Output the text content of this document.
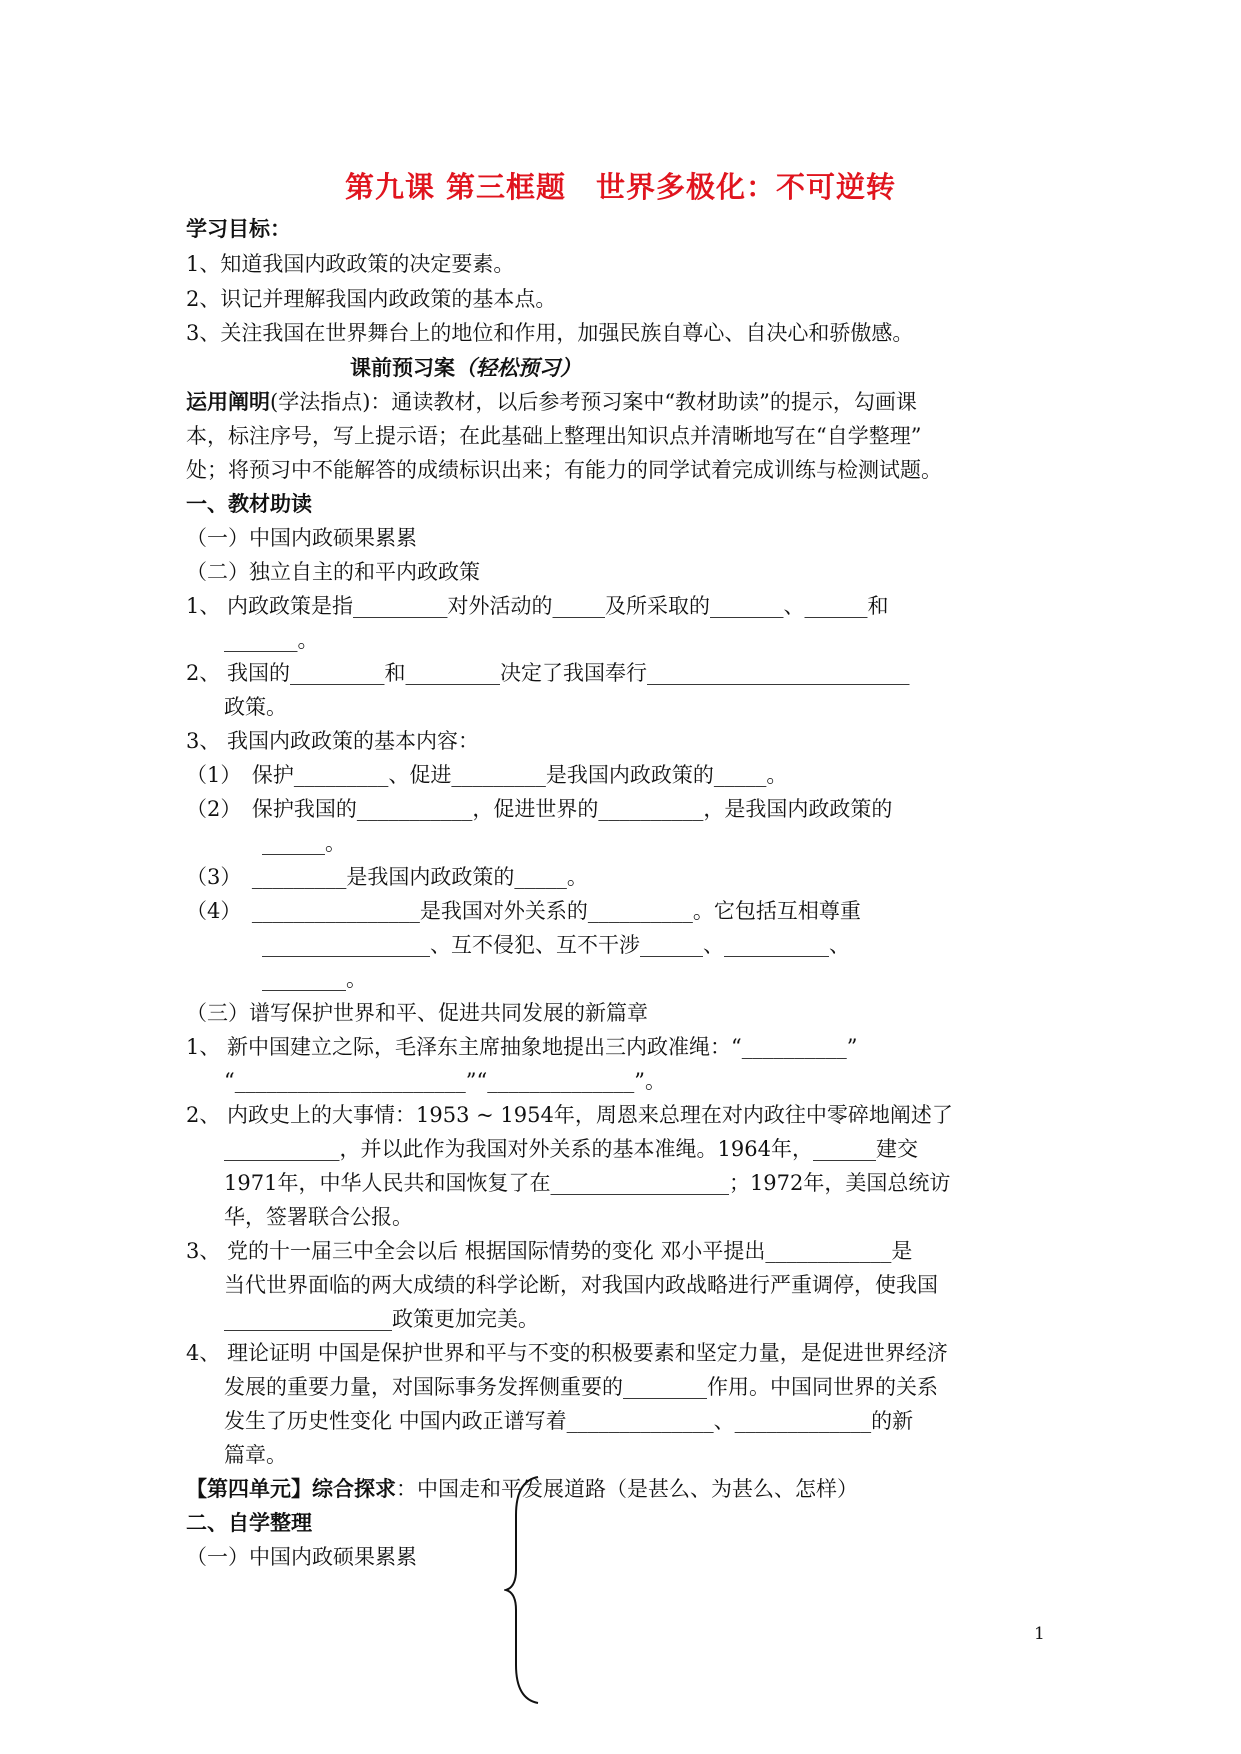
第九课 第三框题　世界多极化：不可逆转
学习目标：
1、知道我国内政政策的决定要素。
2、识记并理解我国内政政策的基本点。
3、关注我国在世界舞台上的地位和作用，加强民族自尊心、自决心和骄傲感。
课前预习案（轻松预习）
运用阐明(学法指点)：通读教材，以后参考预习案中“教材助读”的提示，勾画课
本，标注序号，写上提示语；在此基础上整理出知识点并清晰地写在“自学整理”
处；将预习中不能解答的成绩标识出来；有能力的同学试着完成训练与检测试题。
一、教材助读
（一）中国内政硕果累累
（二）独立自主的和平内政政策
1、 内政政策是指_________对外活动的_____及所采取的_______、______和
_______。
2、 我国的_________和_________决定了我国奉行_________________________
政策。
3、 我国内政政策的基本内容：
（1）　保护_________、促进_________是我国内政政策的_____。
（2）　保护我国的___________，促进世界的__________，是我国内政政策的
______。
（3）　_________是我国内政政策的_____。
（4）　________________是我国对外关系的__________。它包括互相尊重
________________、互不侵犯、互不干涉______、__________、
________。
（三）谱写保护世界和平、促进共同发展的新篇章
1、 新中国建立之际，毛泽东主席抽象地提出三内政准绳：“__________”
“______________________”“______________”。
2、 内政史上的大事情：1953 ~ 1954年，周恩来总理在对内政往中零碎地阐述了
___________，并以此作为我国对外关系的基本准绳。1964年，______建交
1971年，中华人民共和国恢复了在_________________；1972年，美国总统访
华，签署联合公报。
3、 党的十一届三中全会以后 根据国际情势的变化 邓小平提出____________是
当代世界面临的两大成绩的科学论断，对我国内政战略进行严重调停，使我国
________________政策更加完美。
4、 理论证明 中国是保护世界和平与不变的积极要素和坚定力量，是促进世界经济
发展的重要力量，对国际事务发挥侧重要的________作用。中国同世界的关系
发生了历史性变化 中国内政正谱写着______________、_____________的新
篇章。
【第四单元】综合探求：中国走和平发展道路（是甚么、为甚么、怎样）
二、自学整理
（一）中国内政硕果累累
1
